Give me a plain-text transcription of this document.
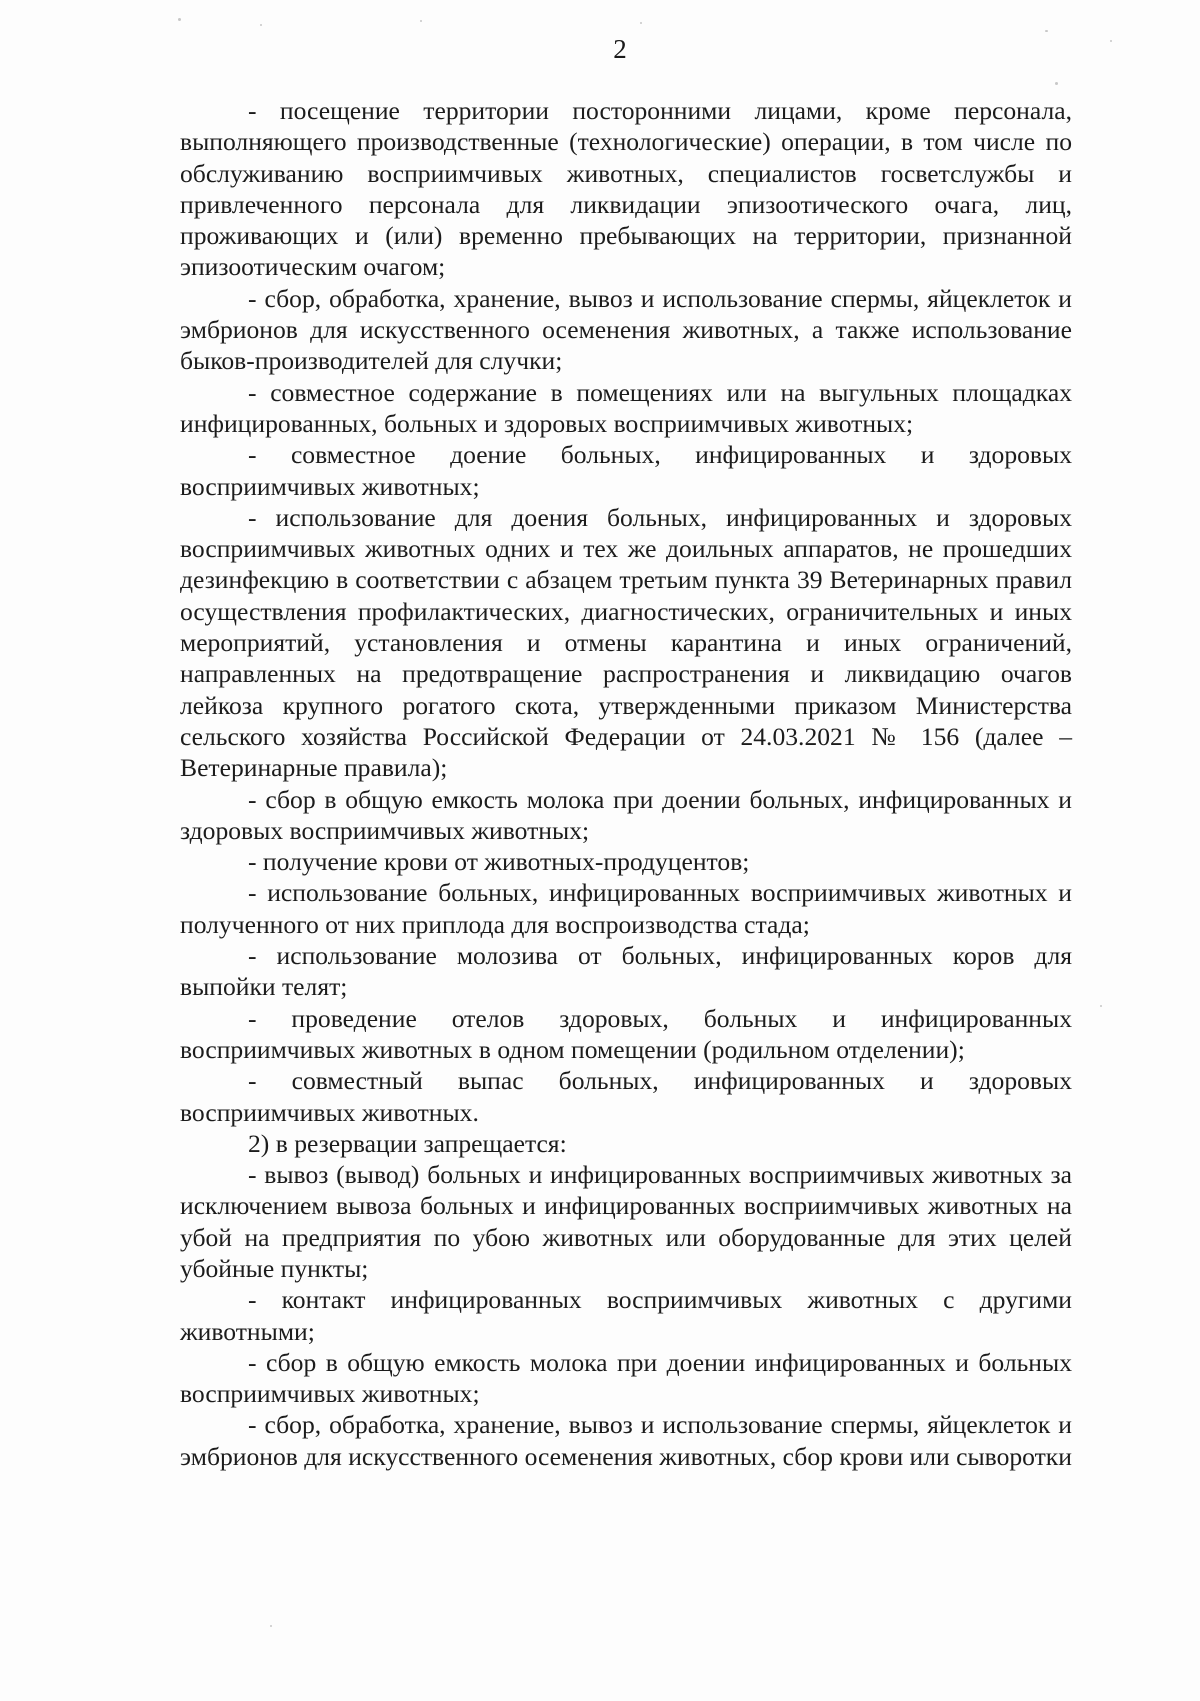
2

- посещение территории посторонними лицами, кроме персонала, выполняющего производственные (технологические) операции, в том числе по обслуживанию восприимчивых животных, специалистов госветслужбы и привлеченного персонала для ликвидации эпизоотического очага, лиц, проживающих и (или) временно пребывающих на территории, признанной эпизоотическим очагом;

- сбор, обработка, хранение, вывоз и использование спермы, яйцеклеток и эмбрионов для искусственного осеменения животных, а также использование быков-производителей для случки;

- совместное содержание в помещениях или на выгульных площадках инфицированных, больных и здоровых восприимчивых животных;

- совместное доение больных, инфицированных и здоровых восприимчивых животных;

- использование для доения больных, инфицированных и здоровых восприимчивых животных одних и тех же доильных аппаратов, не прошедших дезинфекцию в соответствии с абзацем третьим пункта 39 Ветеринарных правил осуществления профилактических, диагностических, ограничительных и иных мероприятий, установления и отмены карантина и иных ограничений, направленных на предотвращение распространения и ликвидацию очагов лейкоза крупного рогатого скота, утвержденными приказом Министерства сельского хозяйства Российской Федерации от 24.03.2021 № 156 (далее – Ветеринарные правила);

- сбор в общую емкость молока при доении больных, инфицированных и здоровых восприимчивых животных;

- получение крови от животных-продуцентов;

- использование больных, инфицированных восприимчивых животных и полученного от них приплода для воспроизводства стада;

- использование молозива от больных, инфицированных коров для выпойки телят;

- проведение отелов здоровых, больных и инфицированных восприимчивых животных в одном помещении (родильном отделении);

- совместный выпас больных, инфицированных и здоровых восприимчивых животных.

2) в резервации запрещается:

- вывоз (вывод) больных и инфицированных восприимчивых животных за исключением вывоза больных и инфицированных восприимчивых животных на убой на предприятия по убою животных или оборудованные для этих целей убойные пункты;

- контакт инфицированных восприимчивых животных с другими животными;

- сбор в общую емкость молока при доении инфицированных и больных восприимчивых животных;

- сбор, обработка, хранение, вывоз и использование спермы, яйцеклеток и эмбрионов для искусственного осеменения животных, сбор крови или сыворотки
